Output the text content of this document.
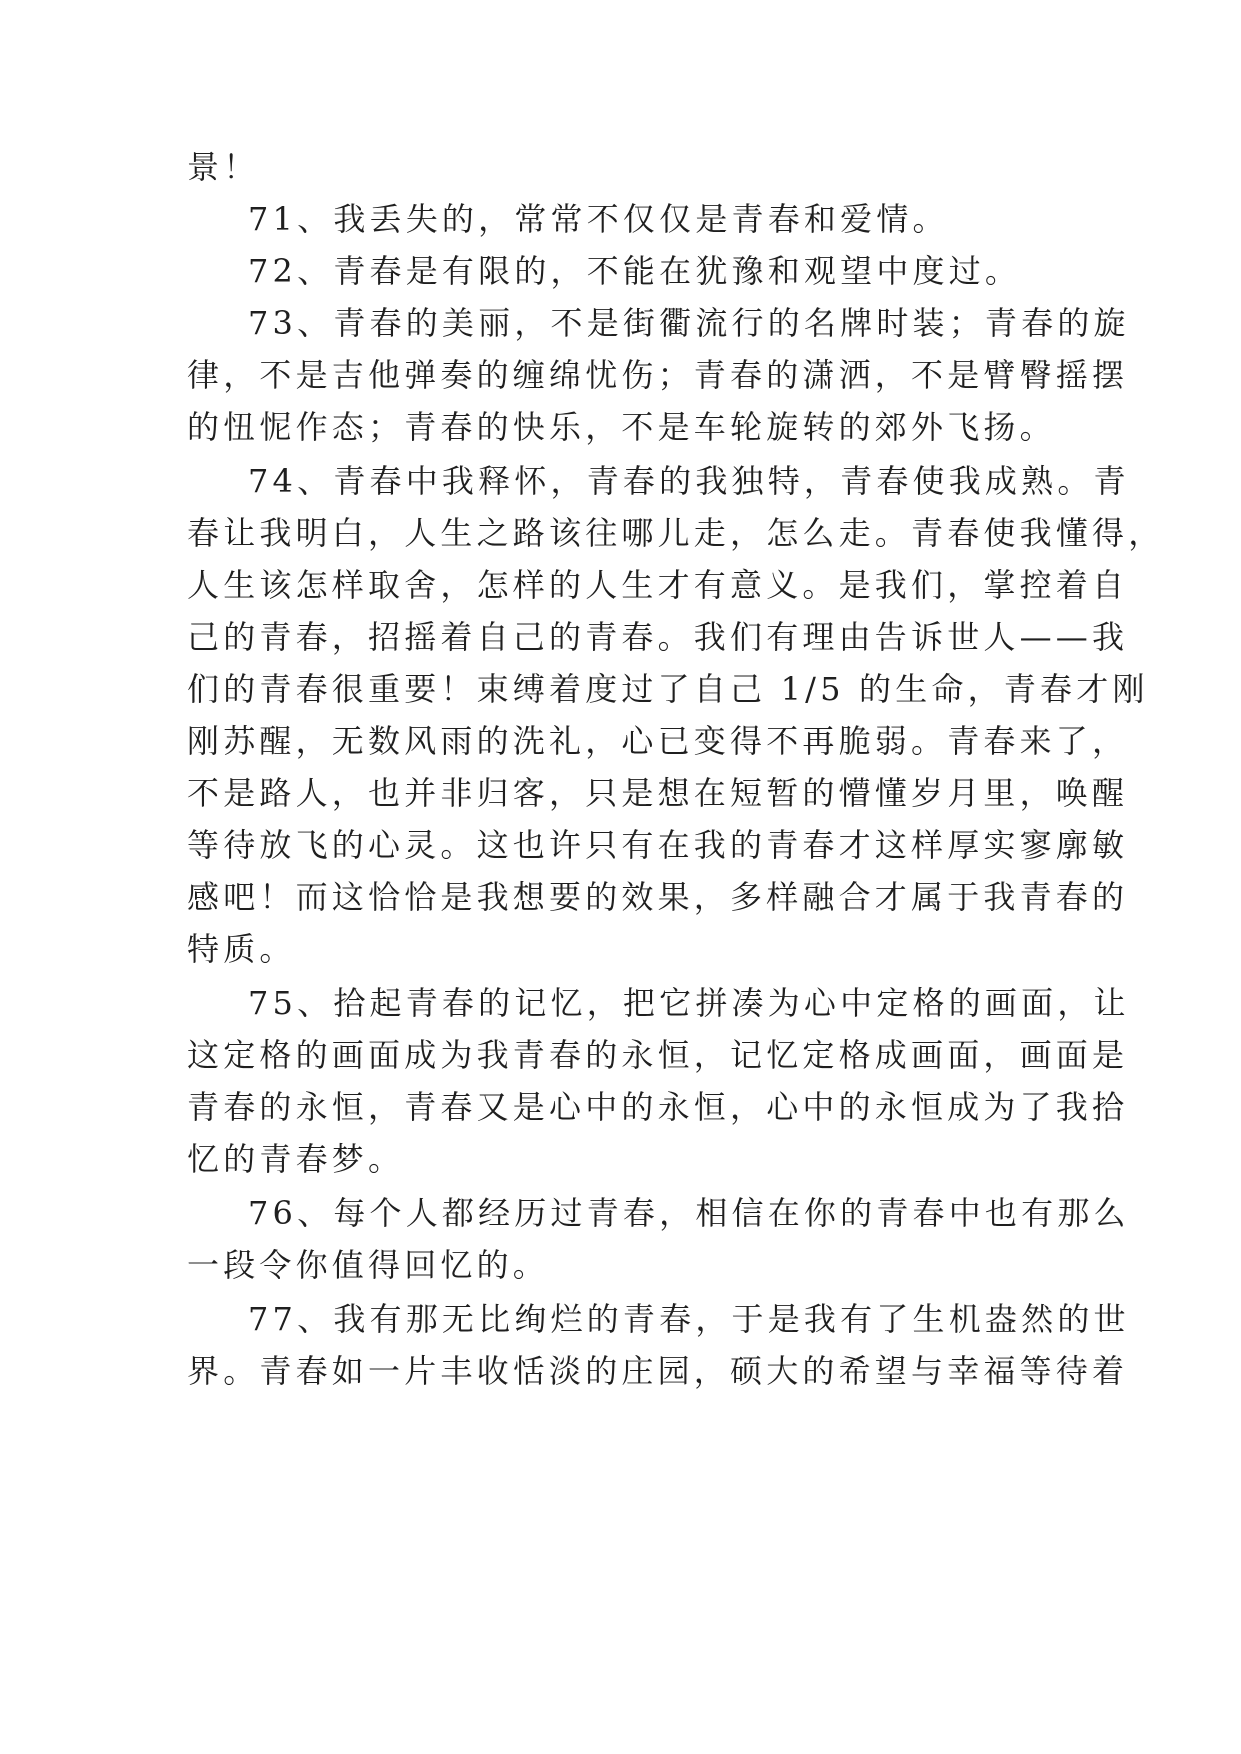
景！
71、我丢失的，常常不仅仅是青春和爱情。
72、青春是有限的，不能在犹豫和观望中度过。
73、青春的美丽，不是街衢流行的名牌时装；青春的旋
律，不是吉他弹奏的缠绵忧伤；青春的潇洒，不是臂臀摇摆
的忸怩作态；青春的快乐，不是车轮旋转的郊外飞扬。
74、青春中我释怀，青春的我独特，青春使我成熟。青
春让我明白，人生之路该往哪儿走，怎么走。青春使我懂得，
人生该怎样取舍，怎样的人生才有意义。是我们，掌控着自
己的青春，招摇着自己的青春。我们有理由告诉世人——我
们的青春很重要！束缚着度过了自己 1/5 的生命，青春才刚
刚苏醒，无数风雨的洗礼，心已变得不再脆弱。青春来了，
不是路人，也并非归客，只是想在短暂的懵懂岁月里，唤醒
等待放飞的心灵。这也许只有在我的青春才这样厚实寥廓敏
感吧！而这恰恰是我想要的效果，多样融合才属于我青春的
特质。
75、拾起青春的记忆，把它拼凑为心中定格的画面，让
这定格的画面成为我青春的永恒，记忆定格成画面，画面是
青春的永恒，青春又是心中的永恒，心中的永恒成为了我拾
忆的青春梦。
76、每个人都经历过青春，相信在你的青春中也有那么
一段令你值得回忆的。
77、我有那无比绚烂的青春，于是我有了生机盎然的世
界。青春如一片丰收恬淡的庄园，硕大的希望与幸福等待着
